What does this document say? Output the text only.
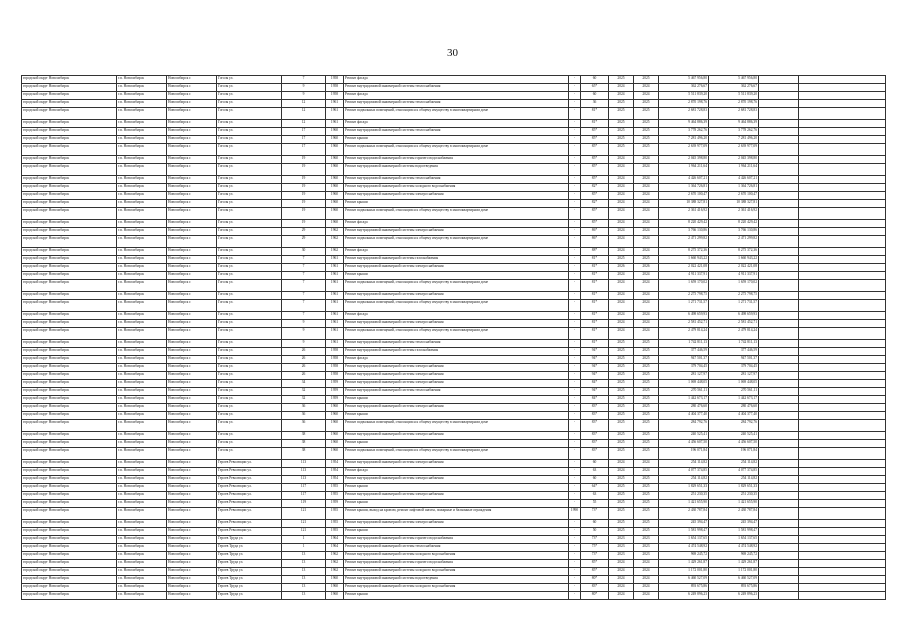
30
городской округ Новосибирск	г.п. Новосибирск	Новосибирск г.	Гоголя ул.	7	1958	Ремонт фасада	-	60	2025	2025	5 467 956,80	5 467 956,80		
городской округ Новосибирск	г.п. Новосибирск	Новосибирск г.	Гоголя ул.	9	1958	Ремонт внутридомовой инженерной системы теплоснабжения	-	65*	2024	2024	362 276,67	362 276,67		
городской округ Новосибирск	г.п. Новосибирск	Новосибирск г.	Гоголя ул.	9	1958	Ремонт фасада	-	60	2024	2024	5 511 839,20	5 511 839,20		
городской округ Новосибирск	г.п. Новосибирск	Новосибирск г.	Гоголя ул.	12	1961	Ремонт внутридомовой инженерной системы теплоснабжения	-	36	2025	2025	2 870 198,76	2 870 198,76		
городской округ Новосибирск	г.п. Новосибирск	Новосибирск г.	Гоголя ул.	12	1961	Ремонт подвальных помещений, относящихся к общему имуществу в многоквартирном доме	-	81*	2025	2025	2 681 728,83	2 681 728,83		
городской округ Новосибирск	г.п. Новосибирск	Новосибирск г.	Гоголя ул.	12	1961	Ремонт фасада	-	81*	2025	2025	9 464 886,39	9 464 886,39		
городской округ Новосибирск	г.п. Новосибирск	Новосибирск г.	Гоголя ул.	17	1960	Ремонт внутридомовой инженерной системы теплоснабжения	-	85*	2025	2025	3 778 262,76	3 778 262,76		
городской округ Новосибирск	г.п. Новосибирск	Новосибирск г.	Гоголя ул.	17	1960	Ремонт крыши	-	85*	2025	2025	7 281 496,20	7 281 496,20		
городской округ Новосибирск	г.п. Новосибирск	Новосибирск г.	Гоголя ул.	17	1960	Ремонт подвальных помещений, относящихся к общему имуществу в многоквартирном доме	-	85*	2025	2025	2 639 977,09	2 639 977,09		
городской округ Новосибирск	г.п. Новосибирск	Новосибирск г.	Гоголя ул.	19	1960	Ремонт внутридомовой инженерной системы горячего водоснабжения	-	85*	2024	2024	2 045 398,80	2 045 398,80		
городской округ Новосибирск	г.п. Новосибирск	Новосибирск г.	Гоголя ул.	19	1960	Ремонт внутридомовой инженерной системы водоотведения	-	85*	2024	2024	1 964 211,64	1 964 211,64		
городской округ Новосибирск	г.п. Новосибирск	Новосибирск г.	Гоголя ул.	19	1960	Ремонт внутридомовой инженерной системы теплоснабжения	-	85*	2024	2024	4 426 607,21	4 426 607,21		
городской округ Новосибирск	г.п. Новосибирск	Новосибирск г.	Гоголя ул.	19	1960	Ремонт внутридомовой инженерной системы холодного водоснабжения	-	82*	2024	2024	1 364 726,81	1 364 726,81		
городской округ Новосибирск	г.п. Новосибирск	Новосибирск г.	Гоголя ул.	19	1960	Ремонт внутридомовой инженерной системы электроснабжения	-	85*	2024	2024	2 670 100,47	2 670 100,47		
городской округ Новосибирск	г.п. Новосибирск	Новосибирск г.	Гоголя ул.	19	1960	Ремонт крыши	-	82*	2024	2024	10 388 327,81	10 388 327,81		
городской округ Новосибирск	г.п. Новосибирск	Новосибирск г.	Гоголя ул.	19	1960	Ремонт подвальных помещений, относящихся к общему имуществу в многоквартирном доме	-	85*	2024	2024	2 361 416,92	2 361 416,92		
городской округ Новосибирск	г.п. Новосибирск	Новосибирск г.	Гоголя ул.	19	1960	Ремонт фасада	-	85*	2024	2024	8 220 429,42	8 220 429,42		
городской округ Новосибирск	г.п. Новосибирск	Новосибирск г.	Гоголя ул.	29	1962	Ремонт внутридомовой инженерной системы электроснабжения	-	86*	2024	2024	3 766 130,86	3 766 130,86		
городской округ Новосибирск	г.п. Новосибирск	Новосибирск г.	Гоголя ул.	29	1962	Ремонт подвальных помещений, относящихся к общему имуществу в многоквартирном доме	-	86*	2024	2024	2 471 299,82	2 471 299,82		
городской округ Новосибирск	г.п. Новосибирск	Новосибирск г.	Гоголя ул.	30	1962	Ремонт фасада	-	88*	2024	2024	8 275 372,36	8 275 372,36		
городской округ Новосибирск	г.п. Новосибирск	Новосибирск г.	Гоголя ул.	7	1961	Ремонт внутридомовой инженерной системы газоснабжения	-	81*	2025	2025	1 660 943,22	1 660 943,22		
городской округ Новосибирск	г.п. Новосибирск	Новосибирск г.	Гоголя ул.	7	1961	Ремонт внутридомовой инженерной системы электроснабжения	-	81*	2026	2026	2 022 421,08	2 022 421,08		
городской округ Новосибирск	г.п. Новосибирск	Новосибирск г.	Гоголя ул.	7	1961	Ремонт крыши	-	81*	2024	2024	4 911 337,91	4 911 337,91		
городской округ Новосибирск	г.п. Новосибирск	Новосибирск г.	Гоголя ул.	7	1961	Ремонт подвальных помещений, относящихся к общему имуществу в многоквартирном доме	-	81*	2024	2024	1 659 170,02	1 659 170,02		
городской округ Новосибирск	г.п. Новосибирск	Новосибирск г.	Гоголя ул.	7	1961	Ремонт внутридомовой инженерной системы электроснабжения	-	81*	2024	2024	2 275 798,75	2 275 798,75		
городской округ Новосибирск	г.п. Новосибирск	Новосибирск г.	Гоголя ул.	7	1961	Ремонт подвальных помещений, относящихся к общему имуществу в многоквартирном доме	-	81*	2024	2024	1 271 731,57	1 271 731,57		
городской округ Новосибирск	г.п. Новосибирск	Новосибирск г.	Гоголя ул.	7	1961	Ремонт фасада	-	81*	2024	2024	6 498 659,93	6 498 659,93		
городской округ Новосибирск	г.п. Новосибирск	Новосибирск г.	Гоголя ул.	9	1961	Ремонт внутридомовой инженерной системы электроснабжения	-	81*	2024	2024	2 581 452,71	2 581 452,71		
городской округ Новосибирск	г.п. Новосибирск	Новосибирск г.	Гоголя ул.	9	1961	Ремонт подвальных помещений, относящихся к общему имуществу в многоквартирном доме	-	81*	2024	2024	2 479 814,24	2 479 814,24		
городской округ Новосибирск	г.п. Новосибирск	Новосибирск г.	Гоголя ул.	9	1961	Ремонт внутридомовой инженерной системы теплоснабжения	-	81*	2025	2025	1 742 811,13	1 742 811,13		
городской округ Новосибирск	г.п. Новосибирск	Новосибирск г.	Гоголя ул.	26	1958	Ремонт внутридомовой инженерной системы газоснабжения	-	94*	2025	2025	377 446,59	377 446,59		
городской округ Новосибирск	г.п. Новосибирск	Новосибирск г.	Гоголя ул.	26	1958	Ремонт фасада	-	94*	2025	2025	947 501,37	947 501,37		
городской округ Новосибирск	г.п. Новосибирск	Новосибирск г.	Гоголя ул.	26	1958	Ремонт внутридомовой инженерной системы электроснабжения	-	94*	2025	2025	379 704,45	379 704,45		
городской округ Новосибирск	г.п. Новосибирск	Новосибирск г.	Гоголя ул.	26	1958	Ремонт внутридомовой инженерной системы электроснабжения	-	94*	2025	2025	281 127,97	281 127,97		
городской округ Новосибирск	г.п. Новосибирск	Новосибирск г.	Гоголя ул.	34	1959	Ремонт внутридомовой инженерной системы электроснабжения	-	84*	2025	2025	1 069 448,05	1 069 448,05		
городской округ Новосибирск	г.п. Новосибирск	Новосибирск г.	Гоголя ул.	32	1959	Ремонт внутридомовой инженерной системы теплоснабжения	-	94*	2025	2025	270 561,11	270 561,11		
городской округ Новосибирск	г.п. Новосибирск	Новосибирск г.	Гоголя ул.	32	1959	Ремонт крыши	-	84*	2025	2025	1 442 673,17	1 442 673,17		
городской округ Новосибирск	г.п. Новосибирск	Новосибирск г.	Гоголя ул.	36	1960	Ремонт внутридомовой инженерной системы электроснабжения	-	83*	2025	2025	280 476,60	280 476,60		
городской округ Новосибирск	г.п. Новосибирск	Новосибирск г.	Гоголя ул.	36	1960	Ремонт крыши	-	83*	2025	2025	4 404 377,40	4 404 377,40		
городской округ Новосибирск	г.п. Новосибирск	Новосибирск г.	Гоголя ул.	36	1960	Ремонт подвальных помещений, относящихся к общему имуществу в многоквартирном доме	-	83*	2025	2025	284 792,76	284 792,76		
городской округ Новосибирск	г.п. Новосибирск	Новосибирск г.	Гоголя ул.	38	1960	Ремонт внутридомовой инженерной системы электроснабжения	-	83*	2025	2025	240 525,41	240 525,41		
городской округ Новосибирск	г.п. Новосибирск	Новосибирск г.	Гоголя ул.	38	1960	Ремонт крыши	-	83*	2025	2025	4 456 607,50	4 456 607,50		
городской округ Новосибирск	г.п. Новосибирск	Новосибирск г.	Гоголя ул.	38	1960	Ремонт подвальных помещений, относящихся к общему имуществу в многоквартирном доме	-	83*	2025	2025	196 071,84	196 071,84		
городской округ Новосибирск	г.п. Новосибирск	Новосибирск г.	Героев Революции ул.	113	1954	Ремонт внутридомовой инженерной системы электроснабжения	-	60	2024	2024	254 114,82	254 114,82		
городской округ Новосибирск	г.п. Новосибирск	Новосибирск г.	Героев Революции ул.	113	1954	Ремонт фасада	-	63	2024	2024	4 077 374,85	4 077 374,85		
городской округ Новосибирск	г.п. Новосибирск	Новосибирск г.	Героев Революции ул.	113	1954	Ремонт внутридомовой инженерной системы электроснабжения	-	60	2025	2025	254 114,82	254 114,82		
городской округ Новосибирск	г.п. Новосибирск	Новосибирск г.	Героев Революции ул.	117	1955	Ремонт крыши	-	64*	2025	2025	1 829 651,33	1 829 651,33		
городской округ Новосибирск	г.п. Новосибирск	Новосибирск г.	Героев Революции ул.	117	1955	Ремонт внутридомовой инженерной системы электроснабжения	-	63	2025	2025	251 230,35	251 230,35		
городской округ Новосибирск	г.п. Новосибирск	Новосибирск г.	Героев Революции ул.	119	1959	Ремонт крыши	-	55	2025	2025	1 421 655,90	1 421 655,90		
городской округ Новосибирск	г.п. Новосибирск	Новосибирск г.	Героев Революции ул.	121	1955	Ремонт крыши, выход на кровлю, ремонт лифтовой шахты, пожарные и балконные ограждения	1990	73*	2025	2025	2 430 787,84	2 430 787,84		
городской округ Новосибирск	г.п. Новосибирск	Новосибирск г.	Героев Революции ул.	121	1955	Ремонт внутридомовой инженерной системы электроснабжения	-	60	2025	2025	245 394,47	245 394,47		
городской округ Новосибирск	г.п. Новосибирск	Новосибирск г.	Героев Революции ул.	121	1955	Ремонт крыши	-	50	2025	2025	1 581 998,47	1 581 998,47		
городской округ Новосибирск	г.п. Новосибирск	Новосибирск г.	Героев Труда ул.	1	1964	Ремонт внутридомовой инженерной системы горячего водоснабжения	-	73*	2023	2023	1 654 137,65	1 654 137,65		
городской округ Новосибирск	г.п. Новосибирск	Новосибирск г.	Героев Труда ул.	1	1964	Ремонт внутридомовой инженерной системы теплоснабжения	-	75*	2023	2023	4 474 548,92	4 474 548,92		
городской округ Новосибирск	г.п. Новосибирск	Новосибирск г.	Героев Труда ул.	13	1962	Ремонт внутридомовой инженерной системы холодного водоснабжения	-	73*	2023	2023	969 245,72	969 245,72		
городской округ Новосибирск	г.п. Новосибирск	Новосибирск г.	Героев Труда ул.	13	1962	Ремонт внутридомовой инженерной системы горячего водоснабжения	-	85*	2024	2024	1 429 261,87	1 429 261,87		
городской округ Новосибирск	г.п. Новосибирск	Новосибирск г.	Героев Труда ул.	13	1962	Ремонт внутридомовой инженерной системы холодного водоснабжения	-	85*	2024	2024	1 172 001,80	1 172 001,80		
городской округ Новосибирск	г.п. Новосибирск	Новосибирск г.	Героев Труда ул.	13	1960	Ремонт внутридомовой инженерной системы водоотведения	-	80*	2024	2024	6 460 527,09	6 460 527,09		
городской округ Новосибирск	г.п. Новосибирск	Новосибирск г.	Героев Труда ул.	13	1960	Ремонт внутридомовой инженерной системы холодного водоснабжения	-	83*	2024	2024	893 675,86	893 675,86		
городской округ Новосибирск	г.п. Новосибирск	Новосибирск г.	Героев Труда ул.	13	1960	Ремонт крыши	-	80*	2024	2024	6 249 896,23	6 249 896,23		
